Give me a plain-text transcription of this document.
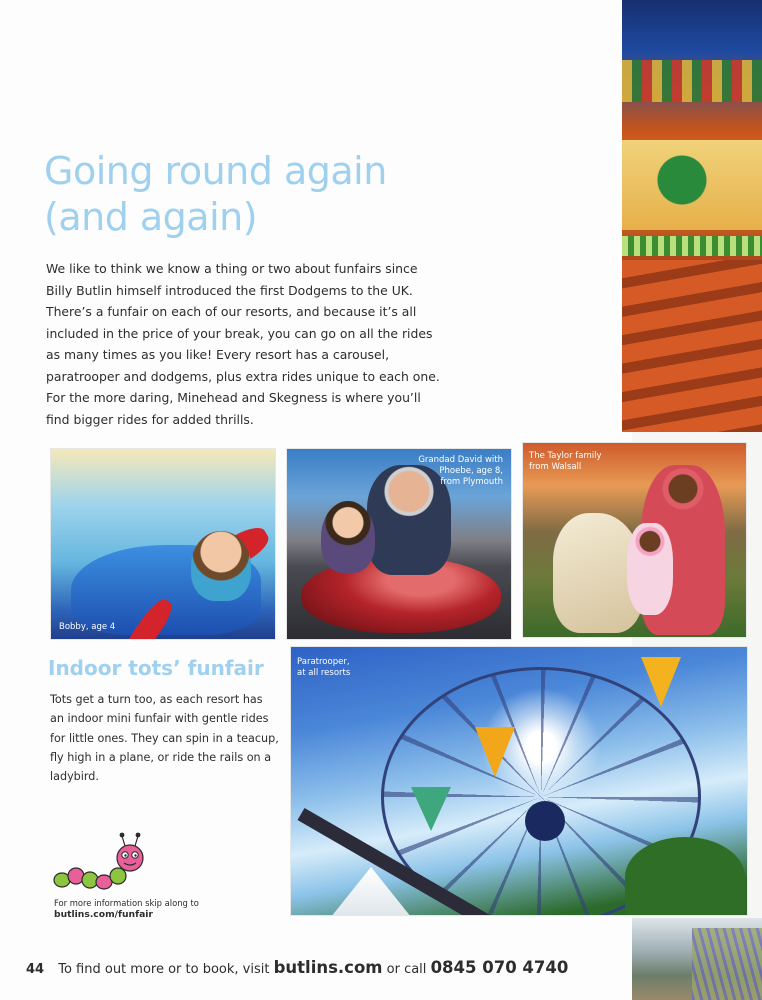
Going round again
(and again)

We like to think we know a thing or two about funfairs since Billy Butlin himself introduced the first Dodgems to the UK. There’s a funfair on each of our resorts, and because it’s all included in the price of your break, you can go on all the rides as many times as you like! Every resort has a carousel, paratrooper and dodgems, plus extra rides unique to each one. For the more daring, Minehead and Skegness is where you’ll find bigger rides for added thrills.

Bobby, age 4
Grandad David with
Phoebe, age 8,
from Plymouth
The Taylor family
from Walsall
Paratrooper,
at all resorts
Indoor tots’ funfair

Tots get a turn too, as each resort has an indoor mini funfair with gentle rides for little ones. They can spin in a teacup, fly high in a plane, or ride the rails on a ladybird.

For more information skip along to
butlins.com/funfair
44 To find out more or to book, visit butlins.com or call 0845 070 4740
